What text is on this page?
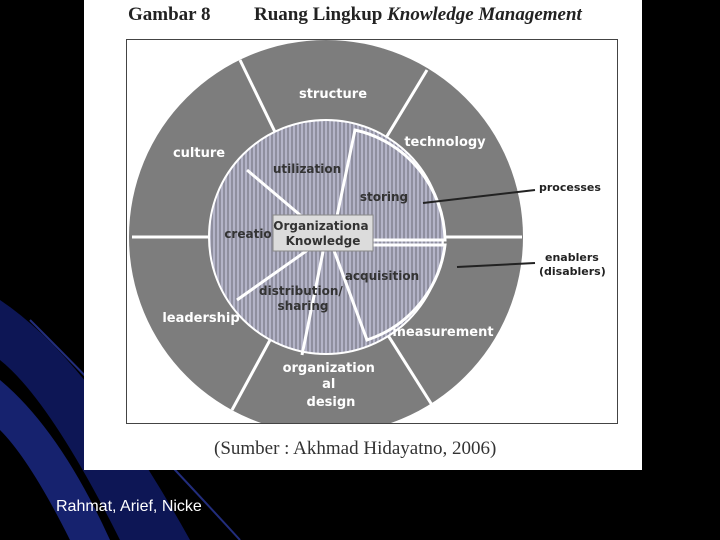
Gambar 8 Ruang Lingkup Knowledge Management
Organizationa Knowledge
structure
technology
culture
leadership
measurement
organization al design
utilization
storing
creatio
acquisition
distribution/ sharing
processes
enablers (disablers)
(Sumber : Akhmad Hidayatno, 2006)
Rahmat, Arief, Nicke
